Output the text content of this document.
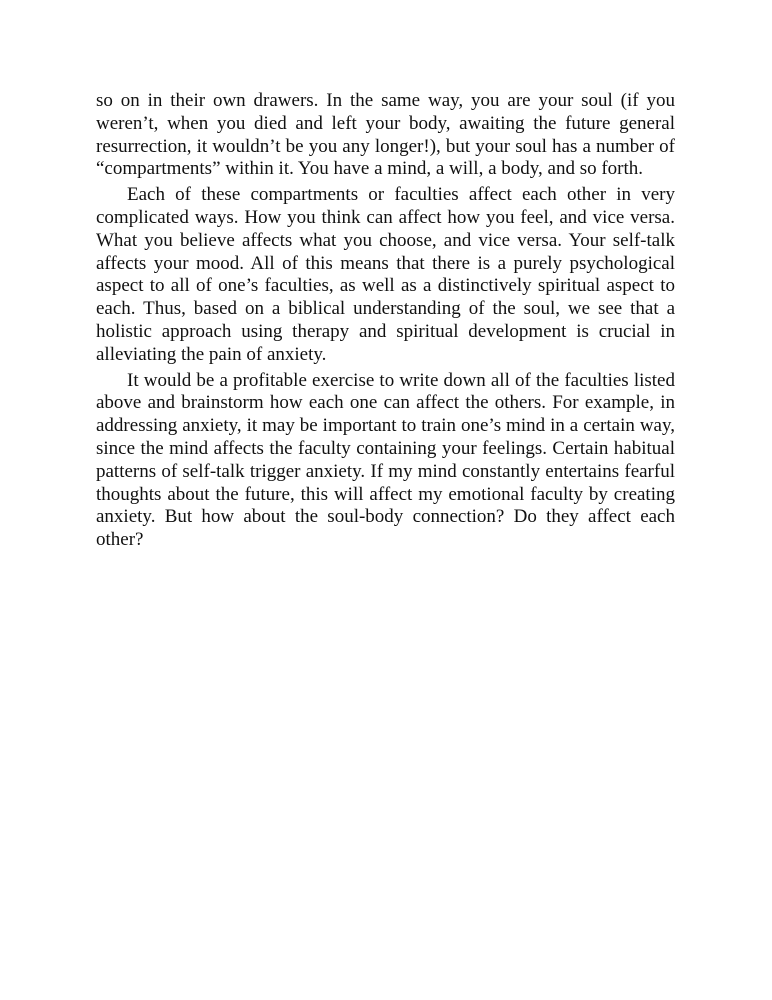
so on in their own drawers. In the same way, you are your soul (if you weren’t, when you died and left your body, awaiting the future general resurrection, it wouldn’t be you any longer!), but your soul has a number of “compartments” within it. You have a mind, a will, a body, and so forth.

Each of these compartments or faculties affect each other in very complicated ways. How you think can affect how you feel, and vice versa. What you believe affects what you choose, and vice versa. Your self-talk affects your mood. All of this means that there is a purely psychological aspect to all of one’s faculties, as well as a distinctively spiritual aspect to each. Thus, based on a biblical understanding of the soul, we see that a holistic approach using therapy and spiritual development is crucial in alleviating the pain of anxiety.

It would be a profitable exercise to write down all of the faculties listed above and brainstorm how each one can affect the others. For example, in addressing anxiety, it may be important to train one’s mind in a certain way, since the mind affects the faculty containing your feelings. Certain habitual patterns of self-talk trigger anxiety. If my mind constantly entertains fearful thoughts about the future, this will affect my emotional faculty by creating anxiety. But how about the soul-body connection? Do they affect each other?
